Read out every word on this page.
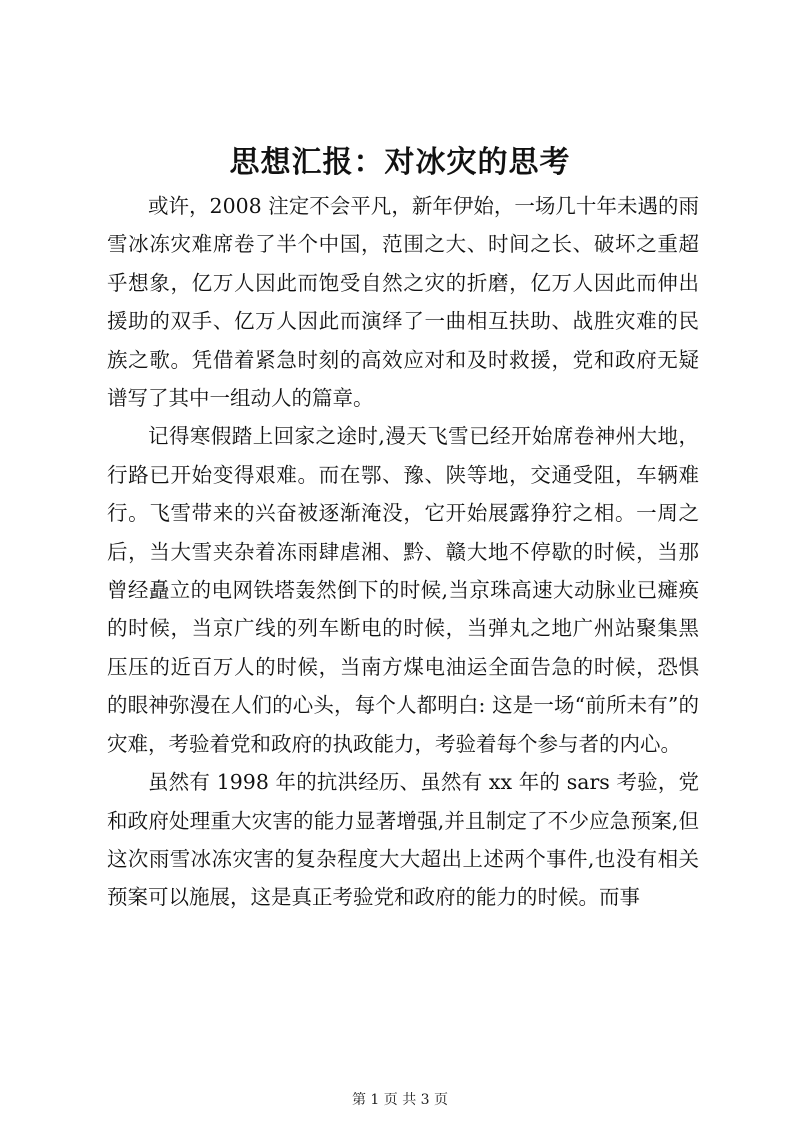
思想汇报：对冰灾的思考

或许，2008 注定不会平凡，新年伊始，一场几十年未遇的雨雪冰冻灾难席卷了半个中国，范围之大、时间之长、破坏之重超乎想象，亿万人因此而饱受自然之灾的折磨，亿万人因此而伸出援助的双手、亿万人因此而演绎了一曲相互扶助、战胜灾难的民族之歌。凭借着紧急时刻的高效应对和及时救援，党和政府无疑谱写了其中一组动人的篇章。

记得寒假踏上回家之途时,漫天飞雪已经开始席卷神州大地，行路已开始变得艰难。而在鄂、豫、陕等地，交通受阻，车辆难行。飞雪带来的兴奋被逐渐淹没，它开始展露狰狞之相。一周之后，当大雪夹杂着冻雨肆虐湘、黔、赣大地不停歇的时候，当那曾经矗立的电网铁塔轰然倒下的时候,当京珠高速大动脉业已瘫痪的时候，当京广线的列车断电的时候，当弹丸之地广州站聚集黑压压的近百万人的时候，当南方煤电油运全面告急的时候，恐惧的眼神弥漫在人们的心头，每个人都明白: 这是一场“前所未有”的灾难，考验着党和政府的执政能力，考验着每个参与者的内心。

虽然有 1998 年的抗洪经历、虽然有 xx 年的 sars 考验，党和政府处理重大灾害的能力显著增强,并且制定了不少应急预案,但这次雨雪冰冻灾害的复杂程度大大超出上述两个事件,也没有相关预案可以施展，这是真正考验党和政府的能力的时候。而事

第 1 页 共 3 页
